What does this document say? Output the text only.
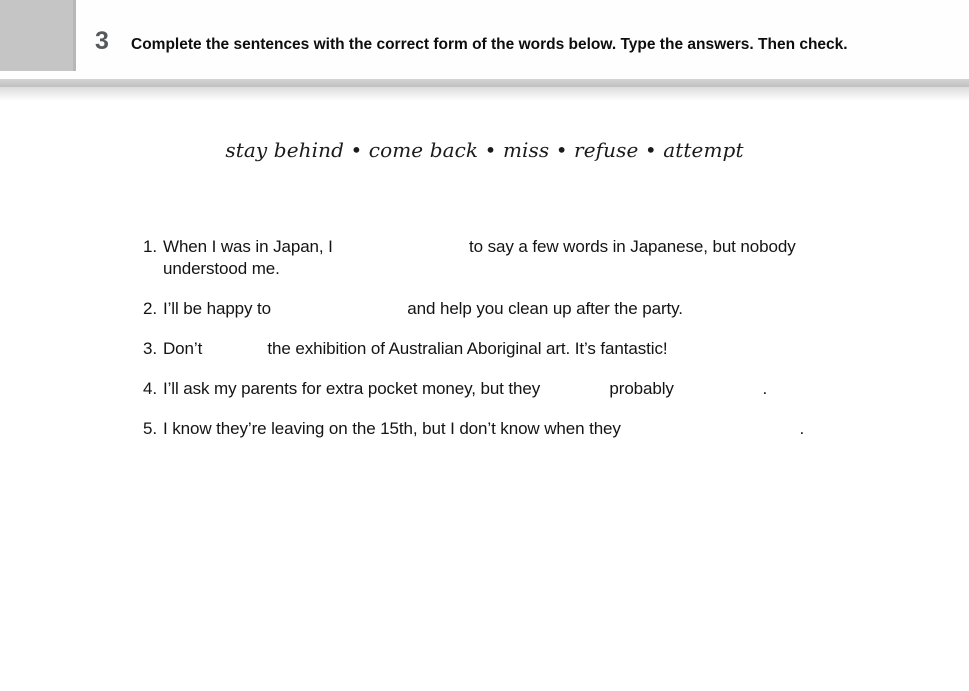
3 Complete the sentences with the correct form of the words below. Type the answers. Then check.
stay behind • come back • miss • refuse • attempt
1. When I was in Japan, I	to say a few words in Japanese, but nobody
understood me.
2. I’ll be happy to	and help you clean up after the party.
3. Don’t	the exhibition of Australian Aboriginal art. It’s fantastic!
4. I’ll ask my parents for extra pocket money, but they	probably	.
5. I know they’re leaving on the 15th, but I don’t know when they	.
